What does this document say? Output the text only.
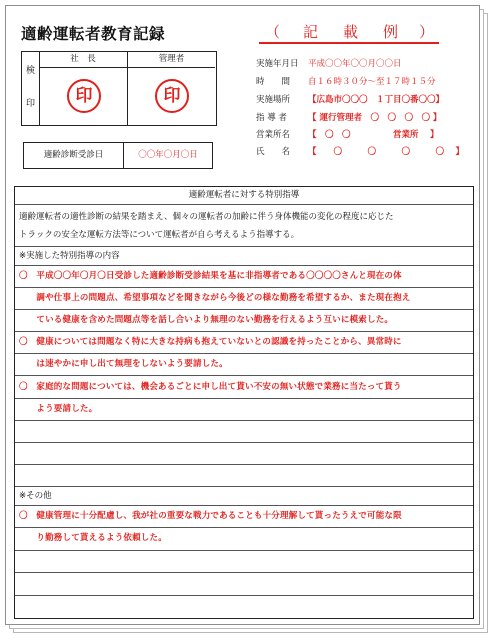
適齢運転者教育記録	（ 記 載 例 ）
検
印
社　長
印
管理者
印
適齢診断受診日	〇〇年〇月〇日
実施年月日 平成〇〇年〇〇月〇〇日
時　　間 自１６時３０分～至１７時１５分
実施場所 【広島市〇〇〇　１丁目〇番〇〇】
指 導 者 【 運行管理者　〇　〇　〇　〇 】
営業所名 【　〇　〇　　　　　営業所　 】
氏　　名 【　　〇　　　〇　　　〇　　　〇　 】
適齢運転者に対する特別指導
適齢運転者の適性診断の結果を踏まえ、個々の運転者の加齢に伴う身体機能の変化の程度に応じた
トラックの安全な運転方法等について運転者が自ら考えるよう指導する。
※実施した特別指導の内容
〇　平成〇〇年〇月〇日受診した適齢診断受診結果を基に非指導者である〇〇〇〇さんと現在の体
　　調や仕事上の問題点、希望事項などを聞きながら今後どの様な勤務を希望するか、また現在抱え
　　ている健康を含めた問題点等を話し合いより無理のない勤務を行えるよう互いに模索した。
〇　健康については問題なく特に大きな持病も抱えていないとの認識を持ったことから、異常時に
　　は速やかに申し出て無理をしないよう要請した。
〇　家庭的な問題については、機会あるごとに申し出て貰い不安の無い状態で業務に当たって貰う
　　よう要請した。
※その他
〇　健康管理に十分配慮し、我が社の重要な戦力であることも十分理解して貰ったうえで可能な限
　　り勤務して貰えるよう依頼した。
